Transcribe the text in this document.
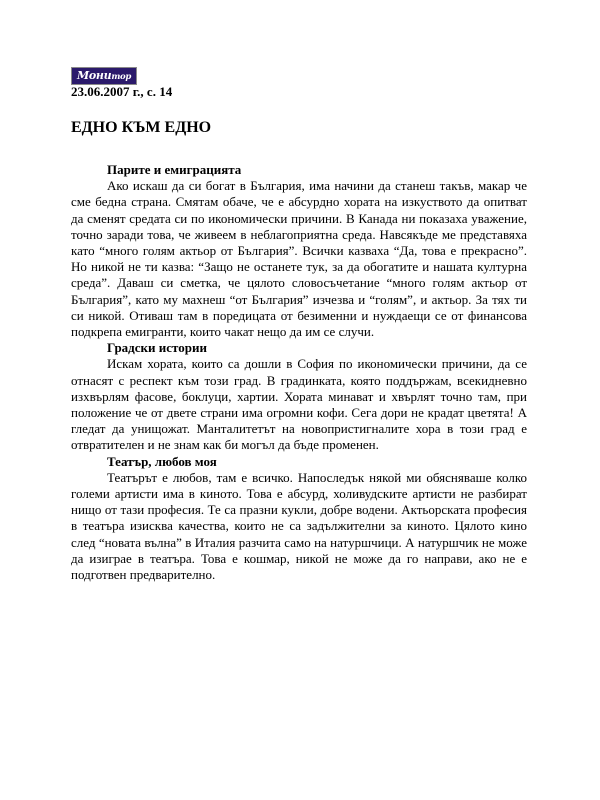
Монитор
23.06.2007 г., с. 14
ЕДНО КЪМ ЕДНО
Парите и емиграцията

Ако искаш да си богат в България, има начини да станеш такъв, макар че сме бедна страна. Смятам обаче, че е абсурдно хората на изкуството да опитват да сменят средата си по икономически причини. В Канада ни показаха уважение, точно заради това, че живеем в неблагоприятна среда. Навсякъде ме представяха като “много голям актьор от България”. Всички казваха “Да, това е прекрасно”. Но никой не ти казва: “Защо не останете тук, за да обогатите и нашата културна среда”. Даваш си сметка, че цялото словосъчетание “много голям актьор от България”, като му махнеш “от България” изчезва и “голям”, и актьор. За тях ти си никой. Отиваш там в поредицата от безименни и нуждаещи се от финансова подкрепа емигранти, които чакат нещо да им се случи.

Градски истории

Искам хората, които са дошли в София по икономически причини, да се отнасят с респект към този град. В градинката, която поддържам, всекидневно изхвърлям фасове, боклуци, хартии. Хората минават и хвърлят точно там, при положение че от двете страни има огромни кофи. Сега дори не крадат цветята! А гледат да унищожат. Манталитетът на новопристигналите хора в този град е отвратителен и не знам как би могъл да бъде променен.

Театър, любов моя

Театърът е любов, там е всичко. Напоследък някой ми обясняваше колко големи артисти има в киното. Това е абсурд, холивудските артисти не разбират нищо от тази професия. Те са празни кукли, добре водени. Актьорската професия в театъра изисква качества, които не са задължителни за киното. Цялото кино след “новата вълна” в Италия разчита само на натуршчици. А натуршчик не може да изиграе в театъра. Това е кошмар, никой не може да го направи, ако не е подготвен предварително.
